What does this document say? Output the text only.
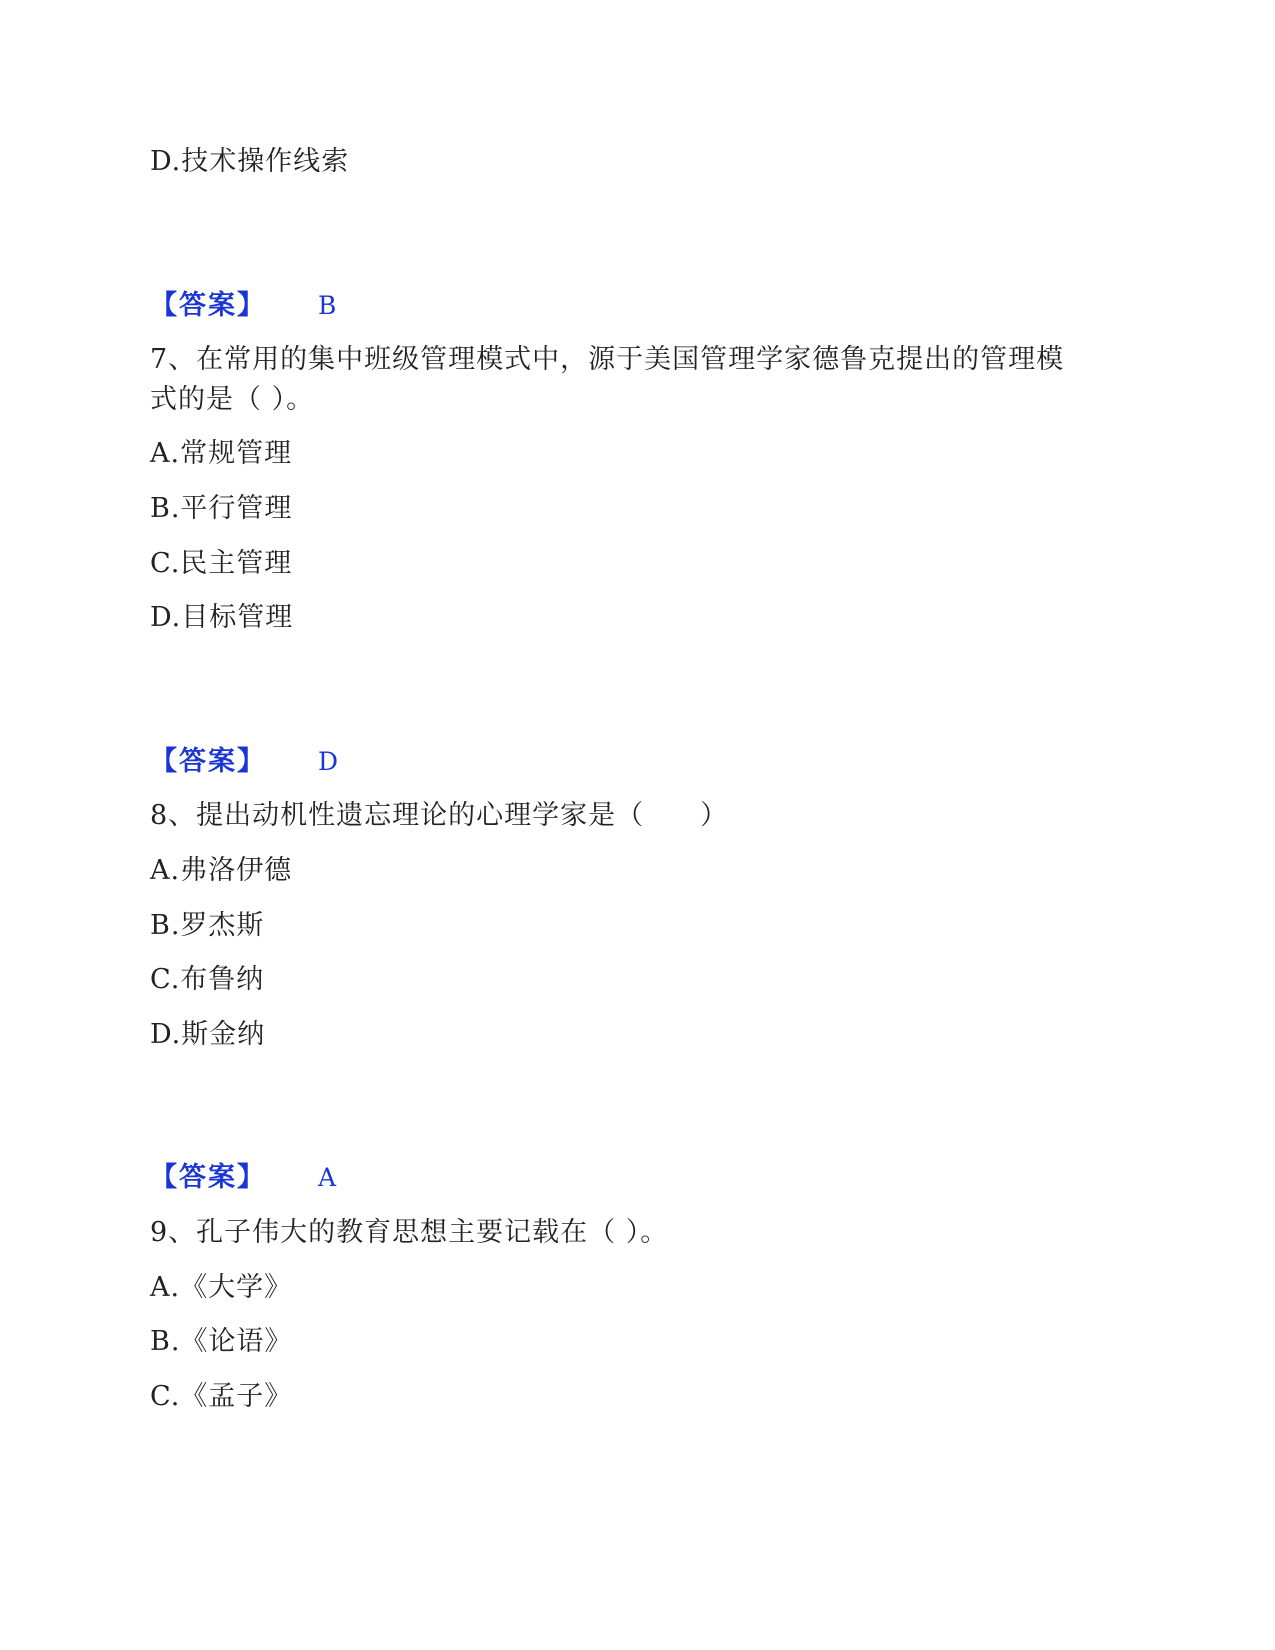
D.技术操作线索
【答案】 B
7、在常用的集中班级管理模式中，源于美国管理学家德鲁克提出的管理模
式的是（ ）。
A.常规管理
B.平行管理
C.民主管理
D.目标管理
【答案】 D
8、提出动机性遗忘理论的心理学家是（　　）
A.弗洛伊德
B.罗杰斯
C.布鲁纳
D.斯金纳
【答案】 A
9、孔子伟大的教育思想主要记载在（ ）。
A.《大学》
B.《论语》
C.《孟子》
